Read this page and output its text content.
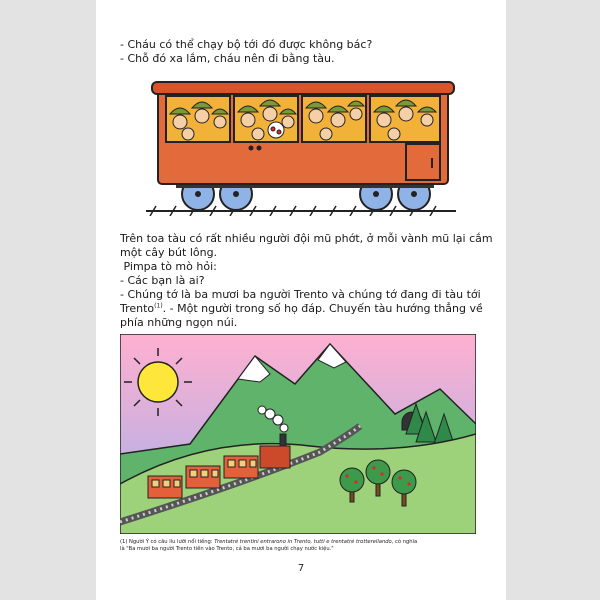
- Cháu có thể chạy bộ tới đó được không bác?
- Chỗ đó xa lắm, cháu nên đi bằng tàu.

Trên toa tàu có rất nhiều người đội mũ phớt, ở mỗi vành mũ lại cắm
một cây bút lông.
Pimpa tò mò hỏi:
- Các bạn là ai?
- Chúng tớ là ba mươi ba người Trento và chúng tớ đang đi tàu tới
Trento$^{(1)}$. - Một người trong số họ đáp. Chuyến tàu hướng thẳng về
phía những ngọn núi.

(1) Người Ý có câu líu lưỡi nổi tiếng: Trentatré trentini entrarono in Trento, tutti e trentatré trotterellando, có nghĩa
là "Ba mươi ba người Trento tiến vào Trento, cả ba mươi ba người chạy nước kiệu."
7
